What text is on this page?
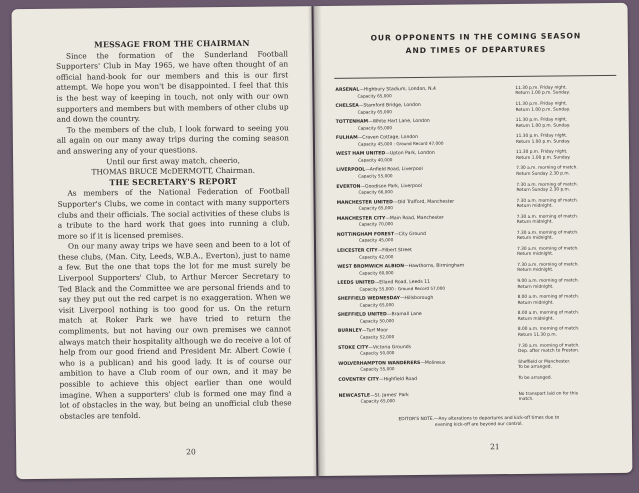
MESSAGE FROM THE CHAIRMAN

Since the formation of the Sunderland Football Supporters' Club in May 1965, we have often thought of an official hand-book for our members and this is our first attempt. We hope you won't be disappointed. I feel that this is the best way of keeping in touch, not only with our own supporters and members but with members of other clubs up and down the country.

To the members of the club, I look forward to seeing you all again on our many away trips during the coming season and answering any of your questions.

Until our first away match, cheerio,

THOMAS BRUCE McDERMOTT, Chairman.

THE SECRETARY'S REPORT

As members of the National Federation of Football Supporter's Clubs, we come in contact with many supporters clubs and their officials. The social activities of these clubs is a tribute to the hard work that goes into running a club, more so if it is licensed premises.

On our many away trips we have seen and been to a lot of these clubs, (Man. City, Leeds, W.B.A., Everton), just to name a few. But the one that tops the lot for me must surely be Liverpool Supporters' Club, to Arthur Mercer Secretary to Ted Black and the Committee we are personal friends and to say they put out the red carpet is no exaggeration. When we visit Liverpool nothing is too good for us. On the return match at Roker Park we have tried to return the compliments, but not having our own premises we cannot always match their hospitality although we do receive a lot of help from our good friend and President Mr. Albert Cowie ( who is a publican) and his good lady. It is of course our ambition to have a Club room of our own, and it may be possible to achieve this object earlier than one would imagine. When a supporters' club is formed one may find a lot of obstacles in the way, but being an unofficial club these obstacles are tenfold.

20
OUR OPPONENTS IN THE COMING SEASON
AND TIMES OF DEPARTURES
ARSENAL—Highbury Stadium, London, N.4
Capacity 65,000
11.30 p.m. Friday night.
Return 1.00 p.m. Sunday.
CHELSEA—Stamford Bridge, London
Capacity 65,000
11.30 p.m. Friday night.
Return 1.00 p.m. Sunday.
TOTTENHAM—White Hart Lane, London
Capacity 65,000
11.30 p.m. Friday night.
Return 1.00 p.m. Sunday.
FULHAM—Craven Cottage, London
Capacity 45,000 : Ground Record 47,000
11.30 p.m. Friday night.
Return 1.00 p.m. Sunday.
WEST HAM UNITED—Upton Park, London
Capacity 40,000
11.30 p.m. Friday night.
Return 1.00 p.m. Sunday.
LIVERPOOL—Anfield Road, Liverpool
Capacity 55,000
7.30 a.m. morning of match.
Return Sunday 2.30 p.m.
EVERTON—Goodison Park, Liverpool
Capacity 66,000
7.30 a.m. morning of match.
Return Sunday 2.30 p.m.
MANCHESTER UNITED—Old Trafford, Manchester
Capacity 65,000
7.30 a.m. morning of match.
Return midnight.
MANCHESTER CITY—Main Road, Manchester
Capacity 70,000
7.30 a.m. morning of match.
Return midnight.
NOTTINGHAM FOREST—City Ground
Capacity 45,000
7.30 a.m. morning of match.
Return midnight.
LEICESTER CITY—Filbert Street
Capacity 42,000
7.30 a.m. morning of match.
Return midnight.
WEST BROMWICH ALBION—Hawthorns, Birmingham
Capacity 60,000
7.30 a.m. morning of match.
Return midnight.
LEEDS UNITED—Elland Road, Leeds 11
Capacity 55,000 : Ground Record 57,000
9.00 a.m. morning of match.
Return midnight.
SHEFFIELD WEDNESDAY—Hillsborough
Capacity 65,000
8.00 a.m. morning of match.
Return midnight.
SHEFFIELD UNITED—Bramall Lane
Capacity 50,000
8.00 a.m. morning of match.
Return midnight.
BURNLEY—Turf Moor
Capacity 52,000
8.00 a.m. morning of match.
Return 11.30 p.m.
STOKE CITY—Victoria Grounds
Capacity 50,000
7.30 a.m. morning of match.
Dep. after match to Preston.
WOLVERHAMPTON WANDERERS—Molineux
Capacity 55,000
Sheffield or Manchester.
To be arranged.
COVENTRY CITY—Highfield Road	To be arranged.
NEWCASTLE—St. James' Park
Capacity 65,000
No transport laid on for this
match.
EDITOR'S NOTE.—Any alterations to departures and kick-off times due to
evening kick-off are beyond our control.
21
